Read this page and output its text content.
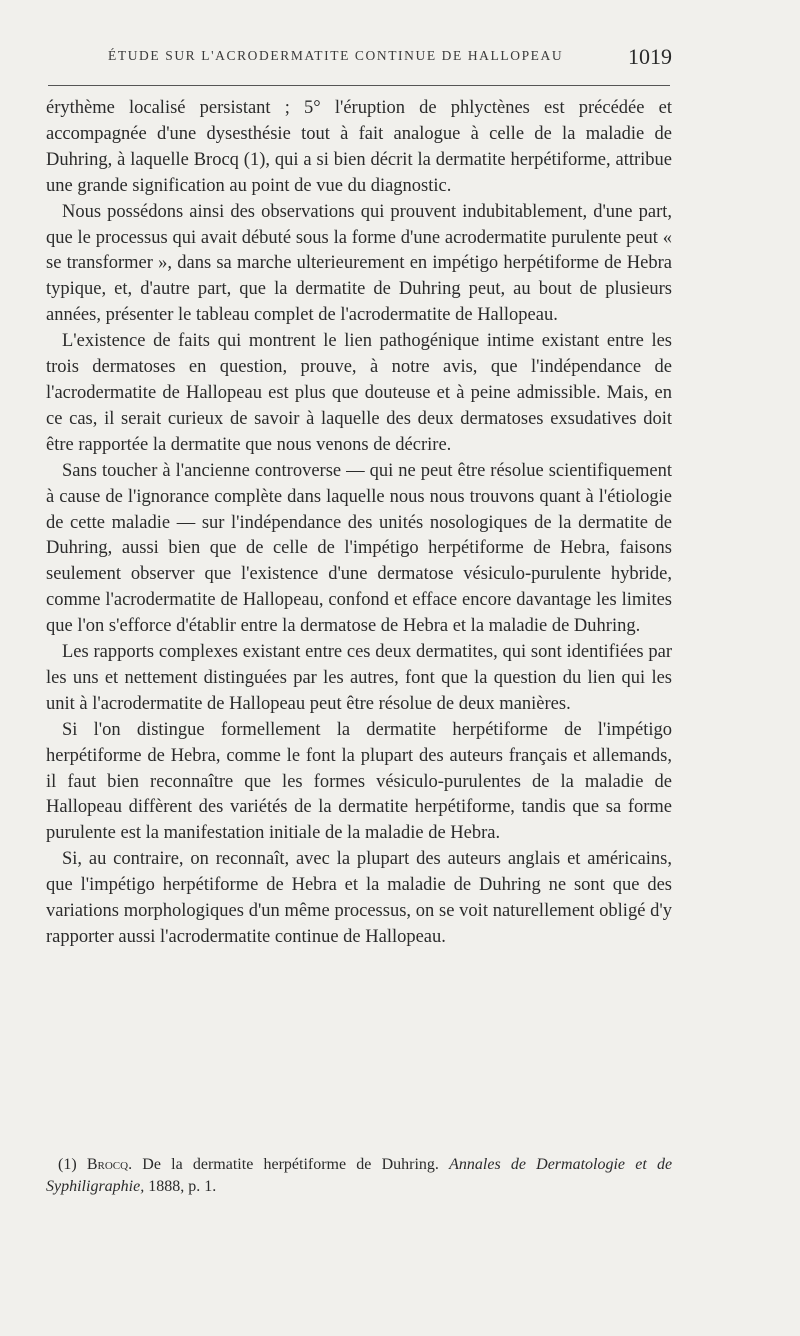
ÉTUDE SUR L'ACRODERMATITE CONTINUE DE HALLOPEAU	1019

érythème localisé persistant ; 5° l'éruption de phlyctènes est précédée et accompagnée d'une dysesthésie tout à fait analogue à celle de la maladie de Duhring, à laquelle Brocq (1), qui a si bien décrit la dermatite herpétiforme, attribue une grande signification au point de vue du diagnostic.

Nous possédons ainsi des observations qui prouvent indubitablement, d'une part, que le processus qui avait débuté sous la forme d'une acrodermatite purulente peut « se transformer », dans sa marche ulterieurement en impétigo herpétiforme de Hebra typique, et, d'autre part, que la dermatite de Duhring peut, au bout de plusieurs années, présenter le tableau complet de l'acrodermatite de Hallopeau.

L'existence de faits qui montrent le lien pathogénique intime existant entre les trois dermatoses en question, prouve, à notre avis, que l'indépendance de l'acrodermatite de Hallopeau est plus que douteuse et à peine admissible. Mais, en ce cas, il serait curieux de savoir à laquelle des deux dermatoses exsudatives doit être rapportée la dermatite que nous venons de décrire.

Sans toucher à l'ancienne controverse — qui ne peut être résolue scientifiquement à cause de l'ignorance complète dans laquelle nous nous trouvons quant à l'étiologie de cette maladie — sur l'indépendance des unités nosologiques de la dermatite de Duhring, aussi bien que de celle de l'impétigo herpétiforme de Hebra, faisons seulement observer que l'existence d'une dermatose vésiculo-purulente hybride, comme l'acrodermatite de Hallopeau, confond et efface encore davantage les limites que l'on s'efforce d'établir entre la dermatose de Hebra et la maladie de Duhring.

Les rapports complexes existant entre ces deux dermatites, qui sont identifiées par les uns et nettement distinguées par les autres, font que la question du lien qui les unit à l'acrodermatite de Hallopeau peut être résolue de deux manières.

Si l'on distingue formellement la dermatite herpétiforme de l'impétigo herpétiforme de Hebra, comme le font la plupart des auteurs français et allemands, il faut bien reconnaître que les formes vésiculo-purulentes de la maladie de Hallopeau diffèrent des variétés de la dermatite herpétiforme, tandis que sa forme purulente est la manifestation initiale de la maladie de Hebra.

Si, au contraire, on reconnaît, avec la plupart des auteurs anglais et américains, que l'impétigo herpétiforme de Hebra et la maladie de Duhring ne sont que des variations morphologiques d'un même processus, on se voit naturellement obligé d'y rapporter aussi l'acrodermatite continue de Hallopeau.

(1) Brocq. De la dermatite herpétiforme de Duhring. Annales de Dermatologie et de Syphiligraphie, 1888, p. 1.
